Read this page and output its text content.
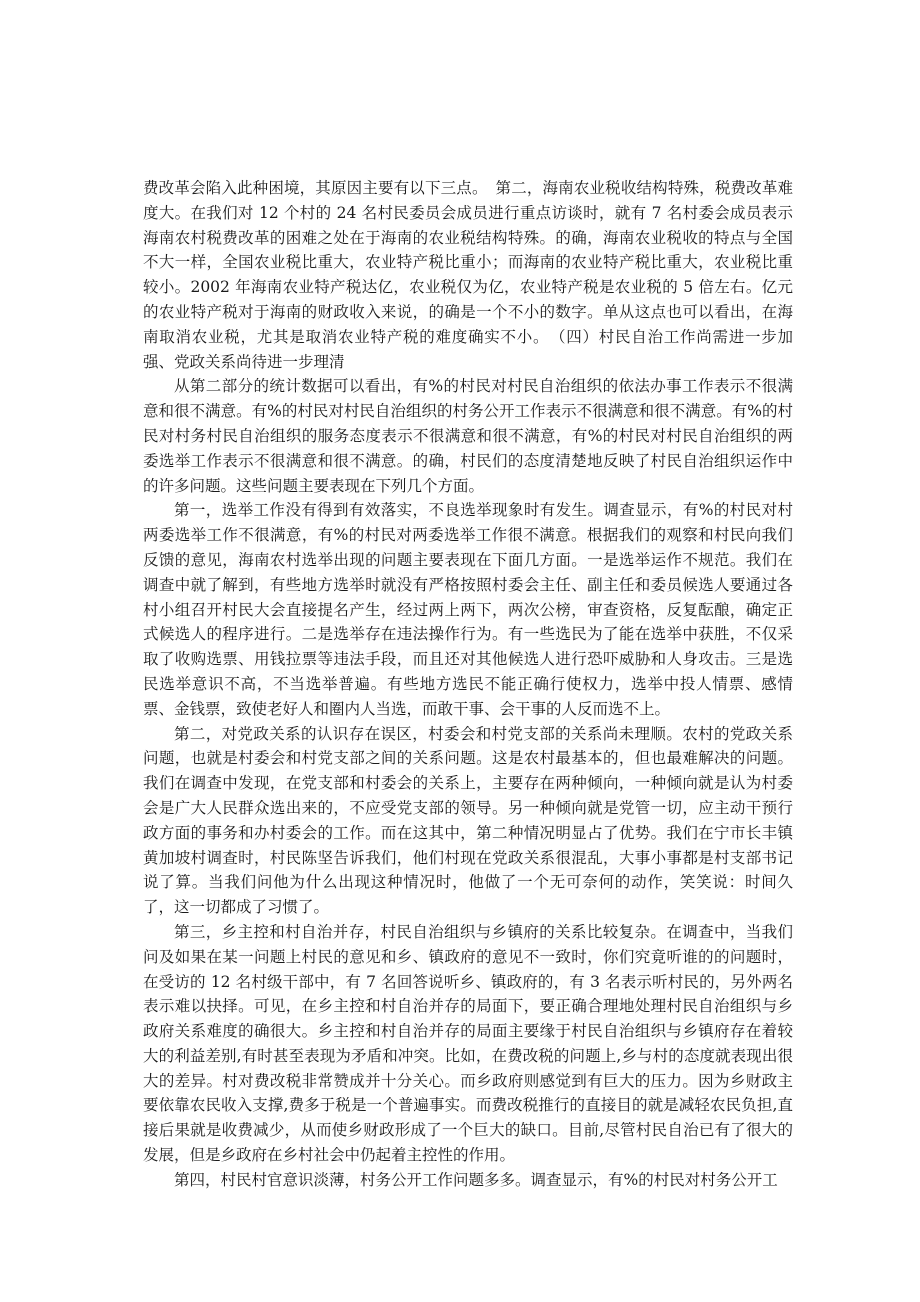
费改革会陷入此种困境，其原因主要有以下三点。　第二，海南农业税收结构特殊，税费改革难度大。在我们对 12 个村的 24 名村民委员会成员进行重点访谈时，就有 7 名村委会成员表示海南农村税费改革的困难之处在于海南的农业税结构特殊。的确，海南农业税收的特点与全国不大一样，全国农业税比重大，农业特产税比重小；而海南的农业特产税比重大，农业税比重较小。2002 年海南农业特产税达亿，农业税仅为亿，农业特产税是农业税的 5 倍左右。亿元的农业特产税对于海南的财政收入来说，的确是一个不小的数字。单从这点也可以看出，在海南取消农业税，尤其是取消农业特产税的难度确实不小。　（四）村民自治工作尚需进一步加强、党政关系尚待进一步理清

从第二部分的统计数据可以看出，有%的村民对村民自治组织的依法办事工作表示不很满意和很不满意。有%的村民对村民自治组织的村务公开工作表示不很满意和很不满意。有%的村民对村务村民自治组织的服务态度表示不很满意和很不满意，有%的村民对村民自治组织的两委选举工作表示不很满意和很不满意。的确，村民们的态度清楚地反映了村民自治组织运作中的许多问题。这些问题主要表现在下列几个方面。

第一，选举工作没有得到有效落实，不良选举现象时有发生。调查显示，有%的村民对村两委选举工作不很满意，有%的村民对两委选举工作很不满意。根据我们的观察和村民向我们反馈的意见，海南农村选举出现的问题主要表现在下面几方面。一是选举运作不规范。我们在调查中就了解到，有些地方选举时就没有严格按照村委会主任、副主任和委员候选人要通过各村小组召开村民大会直接提名产生，经过两上两下，两次公榜，审查资格，反复酝酿，确定正式候选人的程序进行。二是选举存在违法操作行为。有一些选民为了能在选举中获胜，不仅采取了收购选票、用钱拉票等违法手段，而且还对其他候选人进行恐吓威胁和人身攻击。三是选民选举意识不高，不当选举普遍。有些地方选民不能正确行使权力，选举中投人情票、感情票、金钱票，致使老好人和圈内人当选，而敢干事、会干事的人反而选不上。

第二，对党政关系的认识存在误区，村委会和村党支部的关系尚未理顺。农村的党政关系问题，也就是村委会和村党支部之间的关系问题。这是农村最基本的，但也最难解决的问题。我们在调查中发现，在党支部和村委会的关系上，主要存在两种倾向，一种倾向就是认为村委会是广大人民群众选出来的，不应受党支部的领导。另一种倾向就是党管一切，应主动干预行政方面的事务和办村委会的工作。而在这其中，第二种情况明显占了优势。我们在宁市长丰镇黄加坡村调查时，村民陈坚告诉我们，他们村现在党政关系很混乱，大事小事都是村支部书记说了算。当我们问他为什么出现这种情况时，他做了一个无可奈何的动作，笑笑说：时间久了，这一切都成了习惯了。

第三，乡主控和村自治并存，村民自治组织与乡镇府的关系比较复杂。在调查中，当我们问及如果在某一问题上村民的意见和乡、镇政府的意见不一致时，你们究竟听谁的的问题时，在受访的 12 名村级干部中，有 7 名回答说听乡、镇政府的，有 3 名表示听村民的，另外两名表示难以抉择。可见，在乡主控和村自治并存的局面下，要正确合理地处理村民自治组织与乡政府关系难度的确很大。乡主控和村自治并存的局面主要缘于村民自治组织与乡镇府存在着较大的利益差别,有时甚至表现为矛盾和冲突。比如，在费改税的问题上,乡与村的态度就表现出很大的差异。村对费改税非常赞成并十分关心。而乡政府则感觉到有巨大的压力。因为乡财政主要依靠农民收入支撑,费多于税是一个普遍事实。而费改税推行的直接目的就是减轻农民负担,直接后果就是收费减少，从而使乡财政形成了一个巨大的缺口。目前,尽管村民自治已有了很大的发展，但是乡政府在乡村社会中仍起着主控性的作用。

第四，村民村官意识淡薄，村务公开工作问题多多。调查显示，有%的村民对村务公开工
